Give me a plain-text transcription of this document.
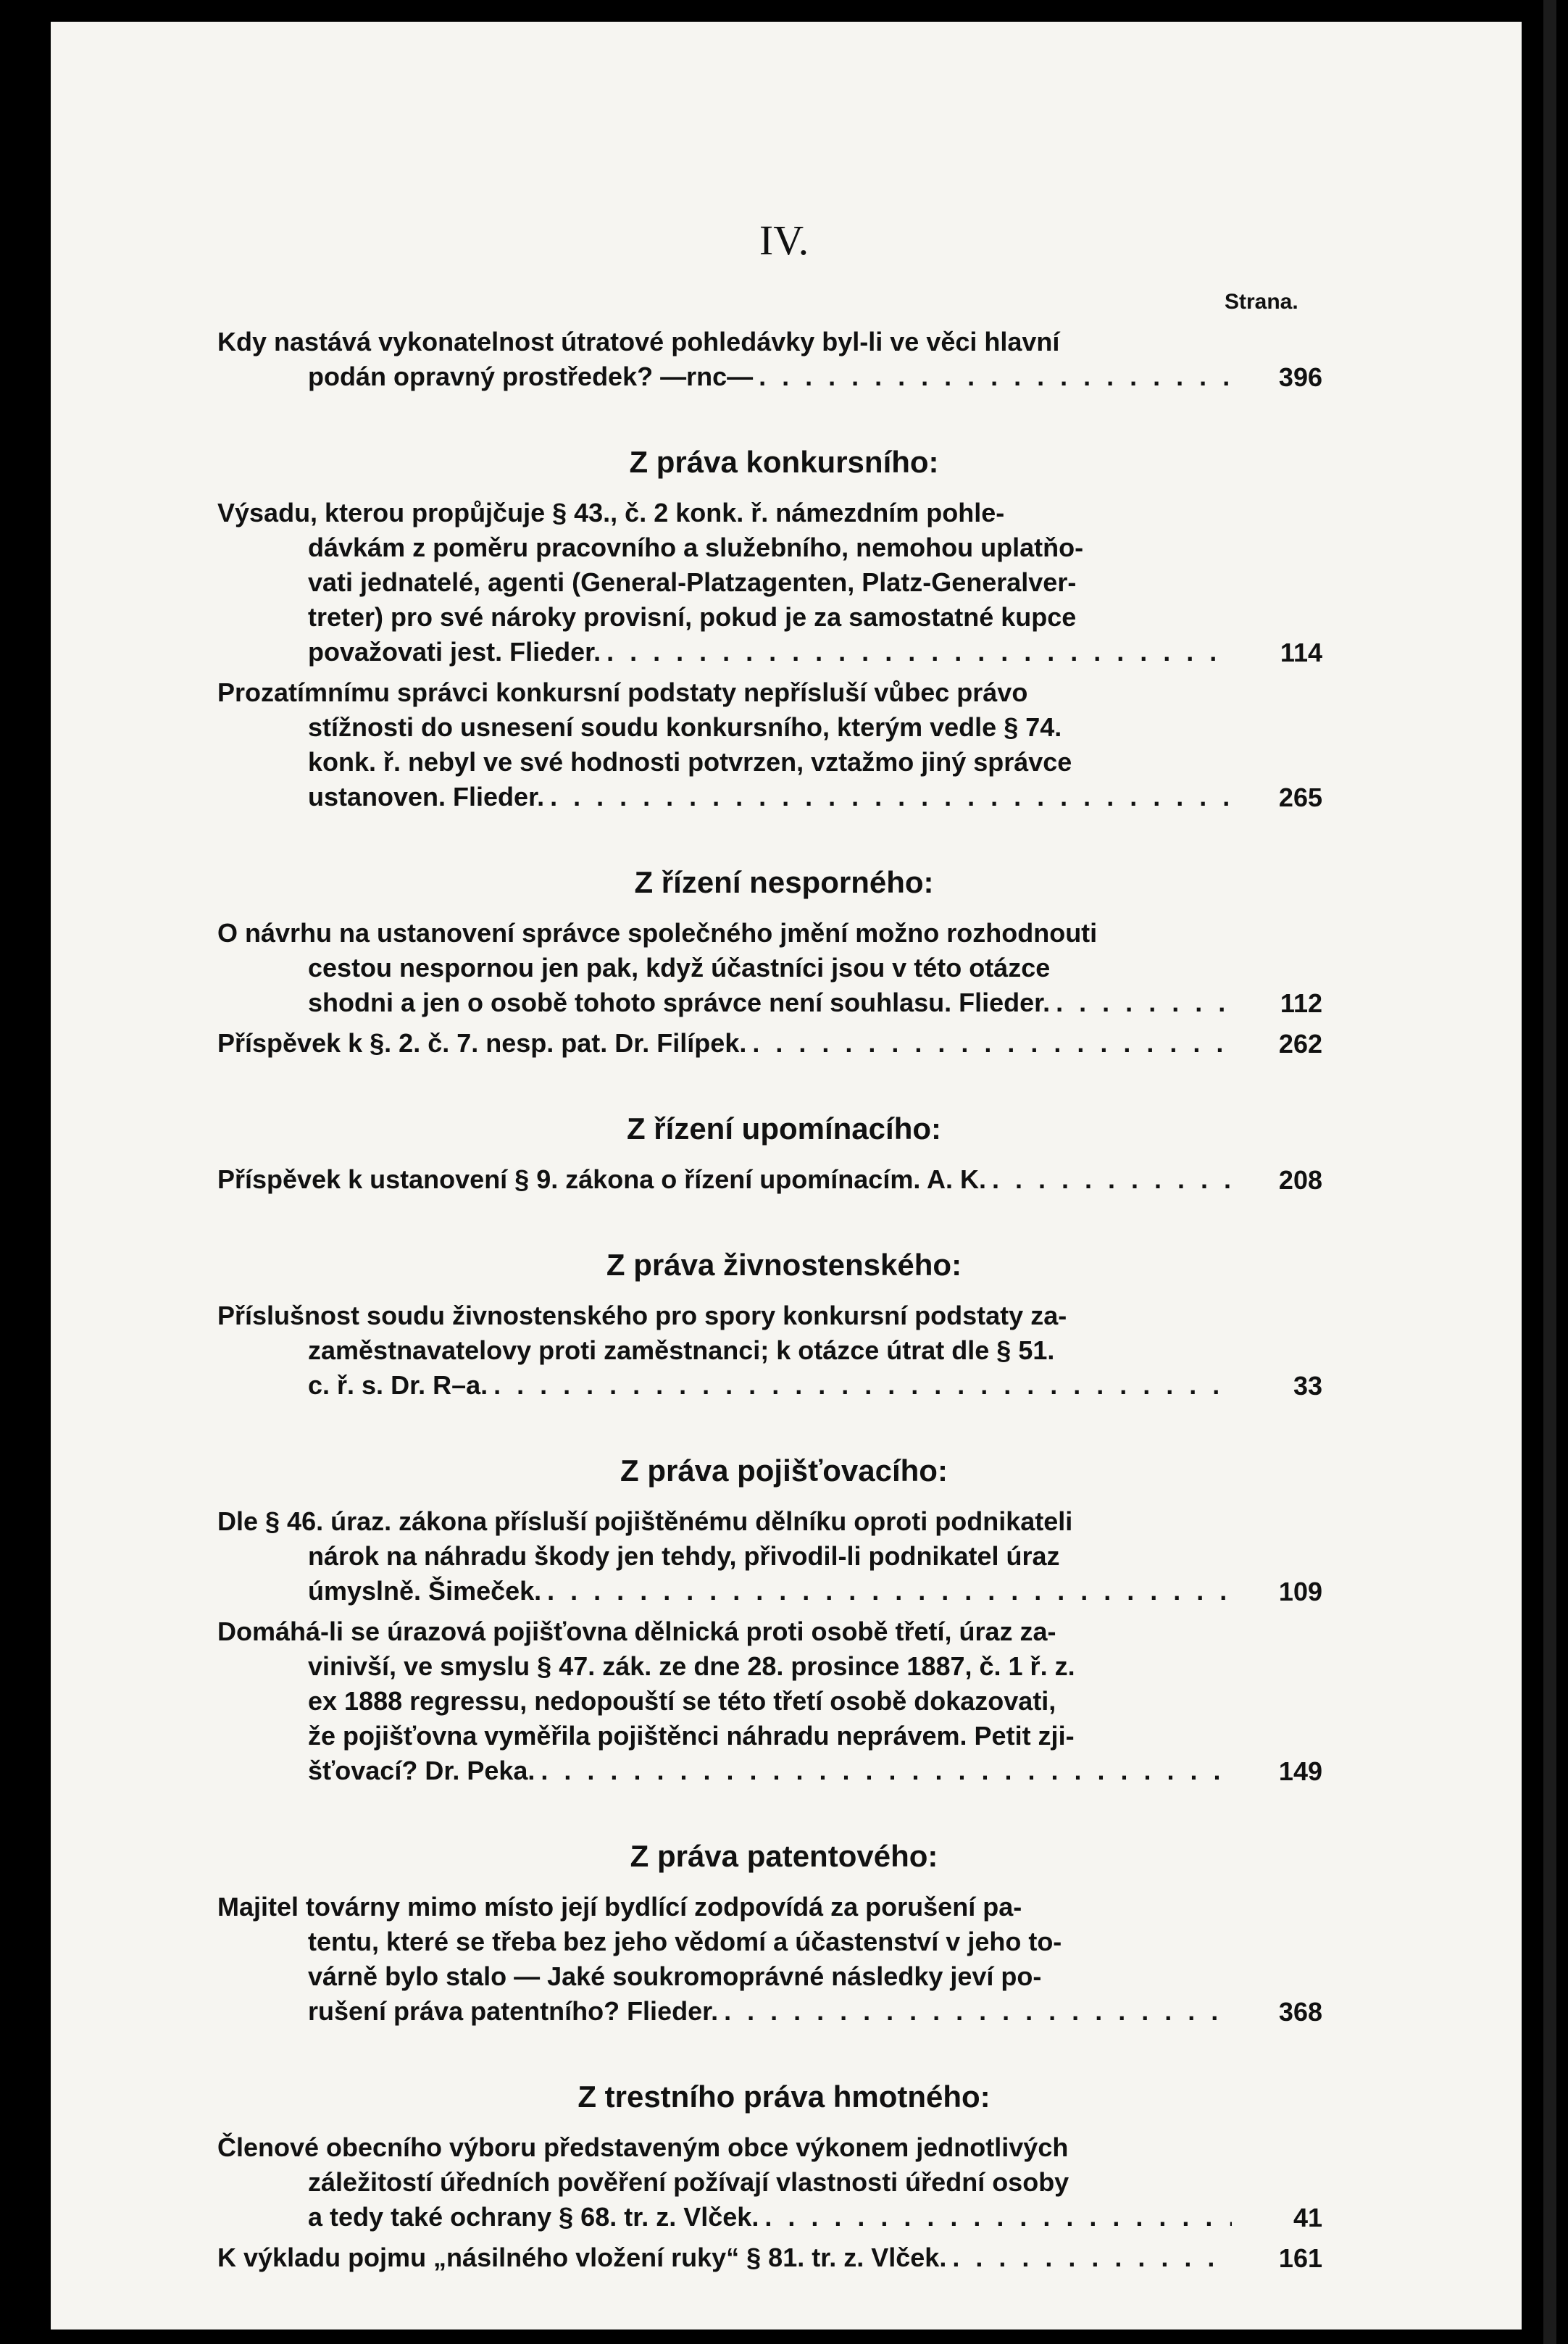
IV.
Strana.
Kdy nastává vykonatelnost útratové pohledávky byl-li ve věci hlavní
podán opravný prostředek? —rnc— . . .	396
Z práva konkursního:
Výsadu, kterou propůjčuje § 43., č. 2 konk. ř. námezdním pohle-
dávkám z poměru pracovního a služebního, nemohou uplatňo-
vati jednatelé, agenti (General-Platzagenten, Platz-Generalver-
treter) pro své nároky provisní, pokud je za samostatné kupce
považovati jest. Flieder. . . .	114
Prozatímnímu správci konkursní podstaty nepřísluší vůbec právo
stížnosti do usnesení soudu konkursního, kterým vedle § 74.
konk. ř. nebyl ve své hodnosti potvrzen, vztažmo jiný správce
ustanoven. Flieder. . . .	265
Z řízení nesporného:
O návrhu na ustanovení správce společného jmění možno rozhodnouti
cestou nespornou jen pak, když účastníci jsou v této otázce
shodni a jen o osobě tohoto správce není souhlasu. Flieder. . . .	112
Příspěvek k §. 2. č. 7. nesp. pat. Dr. Filípek. . . .	262
Z řízení upomínacího:
Příspěvek k ustanovení § 9. zákona o řízení upomínacím. A. K. . . .	208
Z práva živnostenského:
Příslušnost soudu živnostenského pro spory konkursní podstaty za-
zaměstnavatelovy proti zaměstnanci; k otázce útrat dle § 51.
c. ř. s. Dr. R–a. . . .	33
Z práva pojišťovacího:
Dle § 46. úraz. zákona přísluší pojištěnému dělníku oproti podnikateli
nárok na náhradu škody jen tehdy, přivodil-li podnikatel úraz
úmyslně. Šimeček. . . .	109
Domáhá-li se úrazová pojišťovna dělnická proti osobě třetí, úraz za-
vinivší, ve smyslu § 47. zák. ze dne 28. prosince 1887, č. 1 ř. z.
ex 1888 regressu, nedopouští se této třetí osobě dokazovati,
že pojišťovna vyměřila pojištěnci náhradu neprávem. Petit zji-
šťovací? Dr. Peka. . . .	149
Z práva patentového:
Majitel továrny mimo místo její bydlící zodpovídá za porušení pa-
tentu, které se třeba bez jeho vědomí a účastenství v jeho to-
várně bylo stalo — Jaké soukromoprávné následky jeví po-
rušení práva patentního? Flieder. . . .	368
Z trestního práva hmotného:
Členové obecního výboru představeným obce výkonem jednotlivých
záležitostí úředních pověření požívají vlastnosti úřední osoby
a tedy také ochrany § 68. tr. z. Vlček. . . .	41
K výkladu pojmu „násilného vložení ruky“ § 81. tr. z. Vlček. . . .	161
